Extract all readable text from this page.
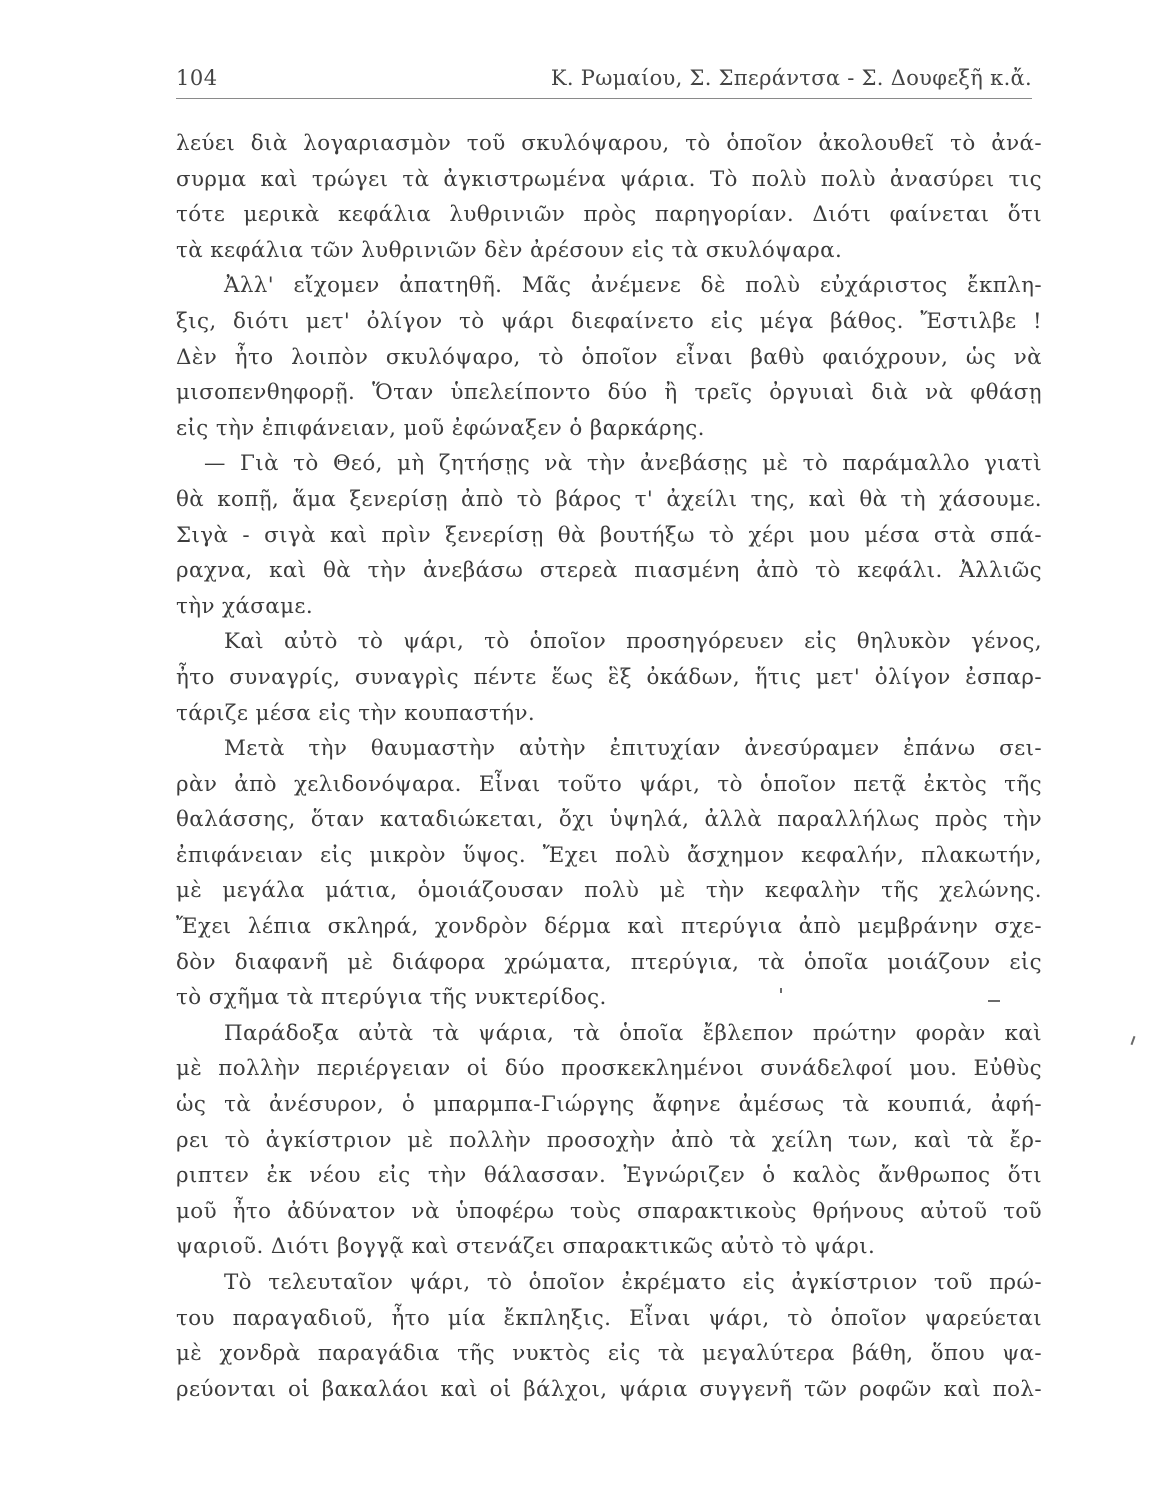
104	Κ. Ρωμαίου, Σ. Σπεράντσα - Σ. Δουφεξῆ κ.ἄ.
λεύει διὰ λογαριασμὸν τοῦ σκυλόψαρου, τὸ ὁποῖον ἀκολουθεῖ τὸ ἀνά-
συρμα καὶ τρώγει τὰ ἀγκιστρωμένα ψάρια. Τὸ πολὺ πολὺ ἀνασύρει τις
τότε μερικὰ κεφάλια λυθρινιῶν πρὸς παρηγορίαν. Διότι φαίνεται ὅτι
τὰ κεφάλια τῶν λυθρινιῶν δὲν ἀρέσουν εἰς τὰ σκυλόψαρα.
Ἀλλ' εἴχομεν ἀπατηθῆ. Μᾶς ἀνέμενε δὲ πολὺ εὐχάριστος ἔκπλη-
ξις, διότι μετ' ὀλίγον τὸ ψάρι διεφαίνετο εἰς μέγα βάθος. Ἔστιλβε !
Δὲν ἦτο λοιπὸν σκυλόψαρο, τὸ ὁποῖον εἶναι βαθὺ φαιόχρουν, ὡς νὰ
μισοπενθηφορῇ. Ὅταν ὑπελείποντο δύο ἢ τρεῖς ὀργυιαὶ διὰ νὰ φθάσῃ
εἰς τὴν ἐπιφάνειαν, μοῦ ἐφώναξεν ὁ βαρκάρης.
— Γιὰ τὸ Θεό, μὴ ζητήσῃς νὰ τὴν ἀνεβάσῃς μὲ τὸ παράμαλλο γιατὶ
θὰ κοπῇ, ἅμα ξενερίσῃ ἀπὸ τὸ βάρος τ' ἀχείλι της, καὶ θὰ τὴ χάσουμε.
Σιγὰ - σιγὰ καὶ πρὶν ξενερίσῃ θὰ βουτήξω τὸ χέρι μου μέσα στὰ σπά-
ραχνα, καὶ θὰ τὴν ἀνεβάσω στερεὰ πιασμένη ἀπὸ τὸ κεφάλι. Ἀλλιῶς
τὴν χάσαμε.
Καὶ αὐτὸ τὸ ψάρι, τὸ ὁποῖον προσηγόρευεν εἰς θηλυκὸν γένος,
ἦτο συναγρίς, συναγρὶς πέντε ἕως ἓξ ὀκάδων, ἥτις μετ' ὀλίγον ἐσπαρ-
τάριζε μέσα εἰς τὴν κουπαστήν.
Μετὰ τὴν θαυμαστὴν αὐτὴν ἐπιτυχίαν ἀνεσύραμεν ἐπάνω σει-
ρὰν ἀπὸ χελιδονόψαρα. Εἶναι τοῦτο ψάρι, τὸ ὁποῖον πετᾷ ἐκτὸς τῆς
θαλάσσης, ὅταν καταδιώκεται, ὄχι ὑψηλά, ἀλλὰ παραλλήλως πρὸς τὴν
ἐπιφάνειαν εἰς μικρὸν ὕψος. Ἔχει πολὺ ἄσχημον κεφαλήν, πλακωτήν,
μὲ μεγάλα μάτια, ὁμοιάζουσαν πολὺ μὲ τὴν κεφαλὴν τῆς χελώνης.
Ἔχει λέπια σκληρά, χονδρὸν δέρμα καὶ πτερύγια ἀπὸ μεμβράνην σχε-
δὸν διαφανῆ μὲ διάφορα χρώματα, πτερύγια, τὰ ὁποῖα μοιάζουν εἰς
τὸ σχῆμα τὰ πτερύγια τῆς νυκτερίδος.
Παράδοξα αὐτὰ τὰ ψάρια, τὰ ὁποῖα ἔβλεπον πρώτην φορὰν καὶ
μὲ πολλὴν περιέργειαν οἱ δύο προσκεκλημένοι συνάδελφοί μου. Εὐθὺς
ὡς τὰ ἀνέσυρον, ὁ μπαρμπα-Γιώργης ἄφηνε ἀμέσως τὰ κουπιά, ἀφή-
ρει τὸ ἀγκίστριον μὲ πολλὴν προσοχὴν ἀπὸ τὰ χείλη των, καὶ τὰ ἔρ-
ριπτεν ἐκ νέου εἰς τὴν θάλασσαν. Ἐγνώριζεν ὁ καλὸς ἄνθρωπος ὅτι
μοῦ ἦτο ἀδύνατον νὰ ὑποφέρω τοὺς σπαρακτικοὺς θρήνους αὐτοῦ τοῦ
ψαριοῦ. Διότι βογγᾷ καὶ στενάζει σπαρακτικῶς αὐτὸ τὸ ψάρι.
Τὸ τελευταῖον ψάρι, τὸ ὁποῖον ἐκρέματο εἰς ἀγκίστριον τοῦ πρώ-
του παραγαδιοῦ, ἦτο μία ἔκπληξις. Εἶναι ψάρι, τὸ ὁποῖον ψαρεύεται
μὲ χονδρὰ παραγάδια τῆς νυκτὸς εἰς τὰ μεγαλύτερα βάθη, ὅπου ψα-
ρεύονται οἱ βακαλάοι καὶ οἱ βάλχοι, ψάρια συγγενῆ τῶν ροφῶν καὶ πολ-
